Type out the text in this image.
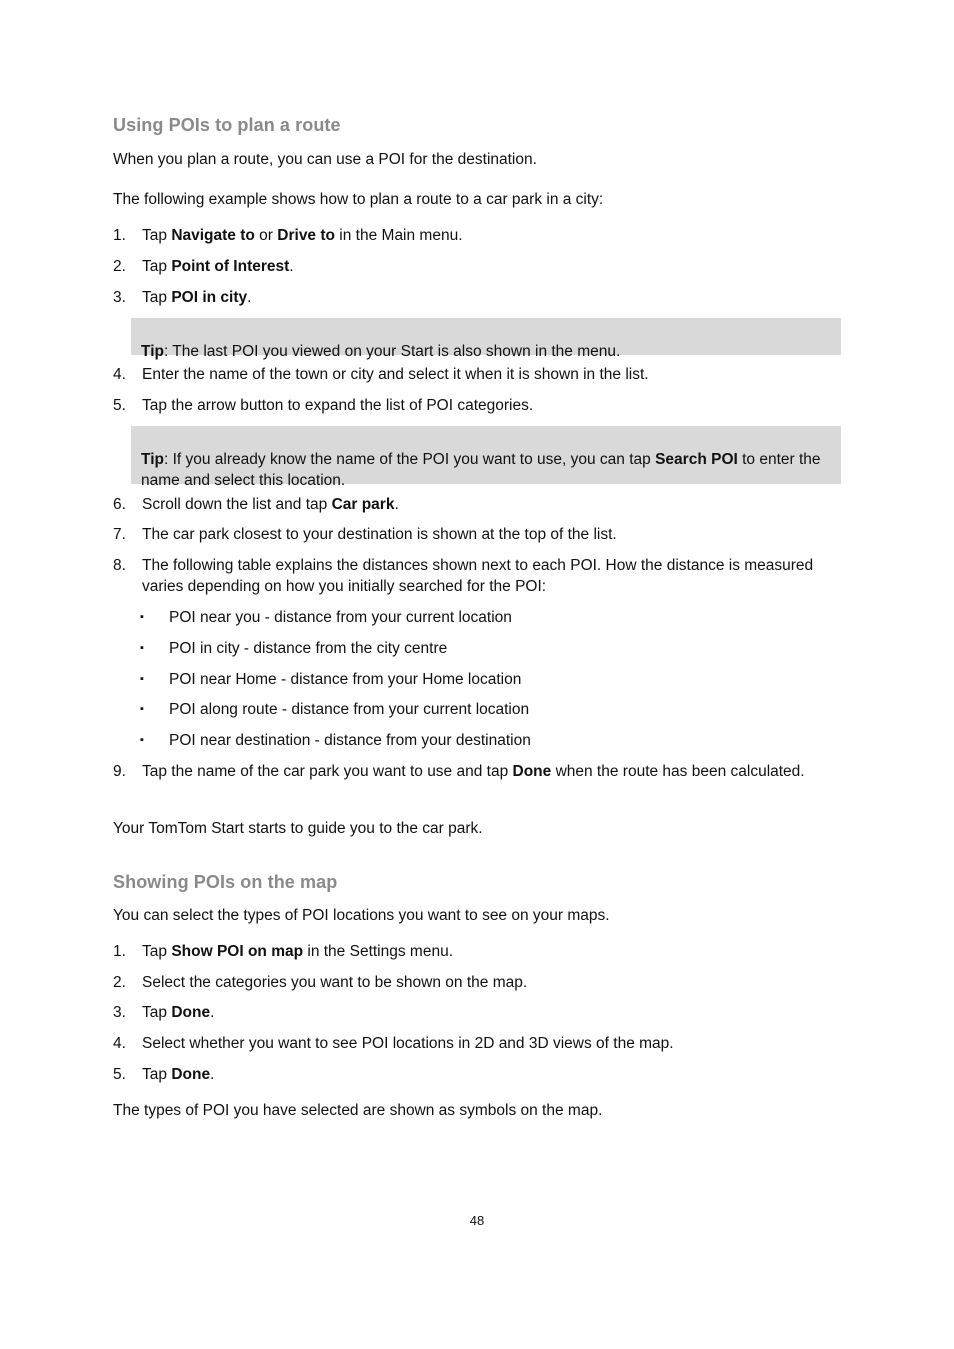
Using POIs to plan a route

When you plan a route, you can use a POI for the destination.

The following example shows how to plan a route to a car park in a city:

1.	Tap Navigate to or Drive to in the Main menu.

2.	Tap Point of Interest.

3.	Tap POI in city.

Tip: The last POI you viewed on your Start is also shown in the menu.

4.	Enter the name of the town or city and select it when it is shown in the list.

5.	Tap the arrow button to expand the list of POI categories.

Tip: If you already know the name of the POI you want to use, you can tap Search POI to enter the name and select this location.

6.	Scroll down the list and tap Car park.

7.	The car park closest to your destination is shown at the top of the list.

8.	The following table explains the distances shown next to each POI. How the distance is measured varies depending on how you initially searched for the POI:

▪ POI near you - distance from your current location

▪ POI in city - distance from the city centre

▪ POI near Home - distance from your Home location

▪ POI along route - distance from your current location

▪ POI near destination - distance from your destination

9.	Tap the name of the car park you want to use and tap Done when the route has been calculated.

Your TomTom Start starts to guide you to the car park.

Showing POIs on the map

You can select the types of POI locations you want to see on your maps.

1.	Tap Show POI on map in the Settings menu.

2.	Select the categories you want to be shown on the map.

3.	Tap Done.

4.	Select whether you want to see POI locations in 2D and 3D views of the map.

5.	Tap Done.

The types of POI you have selected are shown as symbols on the map.

48
